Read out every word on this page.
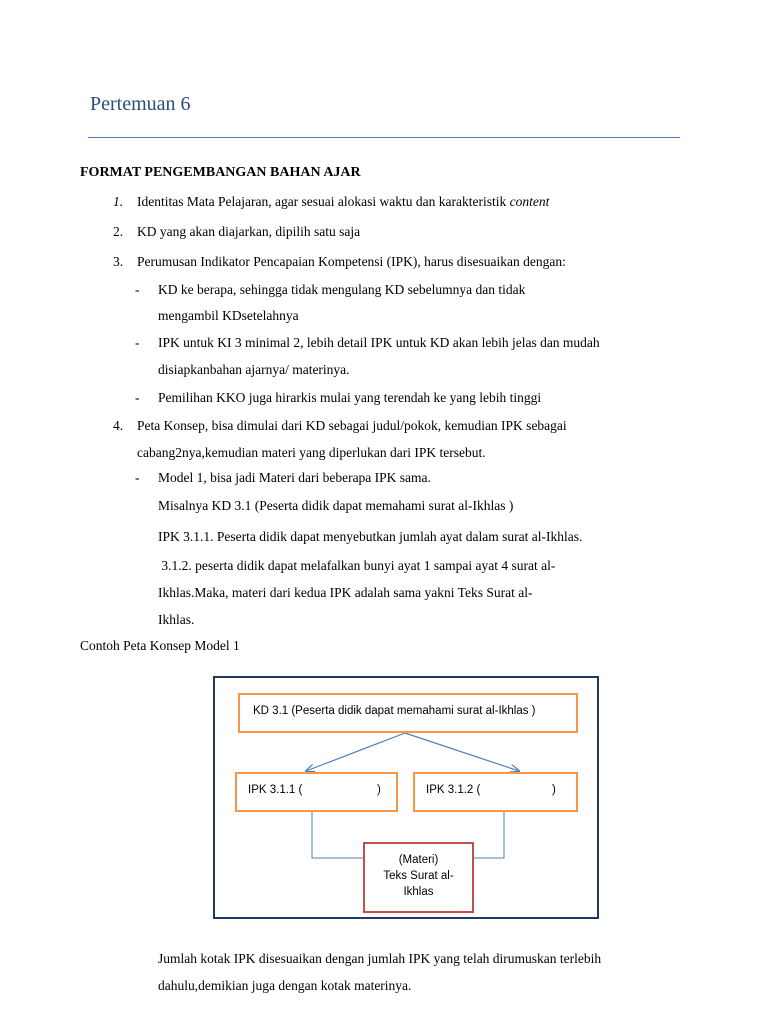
Pertemuan 6
FORMAT PENGEMBANGAN BAHAN AJAR
1. Identitas Mata Pelajaran, agar sesuai alokasi waktu dan karakteristik content
2. KD yang akan diajarkan, dipilih satu saja
3. Perumusan Indikator Pencapaian Kompetensi (IPK), harus disesuaikan dengan:
- KD ke berapa, sehingga tidak mengulang KD sebelumnya dan tidak
mengambil KDsetelahnya
- IPK untuk KI 3 minimal 2, lebih detail IPK untuk KD akan lebih jelas dan mudah
disiapkanbahan ajarnya/ materinya.
- Pemilihan KKO juga hirarkis mulai yang terendah ke yang lebih tinggi
4. Peta Konsep, bisa dimulai dari KD sebagai judul/pokok, kemudian IPK sebagai
cabang2nya,kemudian materi yang diperlukan dari IPK tersebut.
- Model 1, bisa jadi Materi dari beberapa IPK sama.
Misalnya KD 3.1 (Peserta didik dapat memahami surat al-Ikhlas )
IPK 3.1.1. Peserta didik dapat menyebutkan jumlah ayat dalam surat al-Ikhlas.
3.1.2. peserta didik dapat melafalkan bunyi ayat 1 sampai ayat 4 surat al-
Ikhlas.Maka, materi dari kedua IPK adalah sama yakni Teks Surat al-
Ikhlas.
Contoh Peta Konsep Model 1
KD 3.1 (Peserta didik dapat memahami surat al-Ikhlas )
IPK 3.1.1 (	)	IPK 3.1.2 (	)
(Materi)
Teks Surat al-
Ikhlas
Jumlah kotak IPK disesuaikan dengan jumlah IPK yang telah dirumuskan terlebih
dahulu,demikian juga dengan kotak materinya.
